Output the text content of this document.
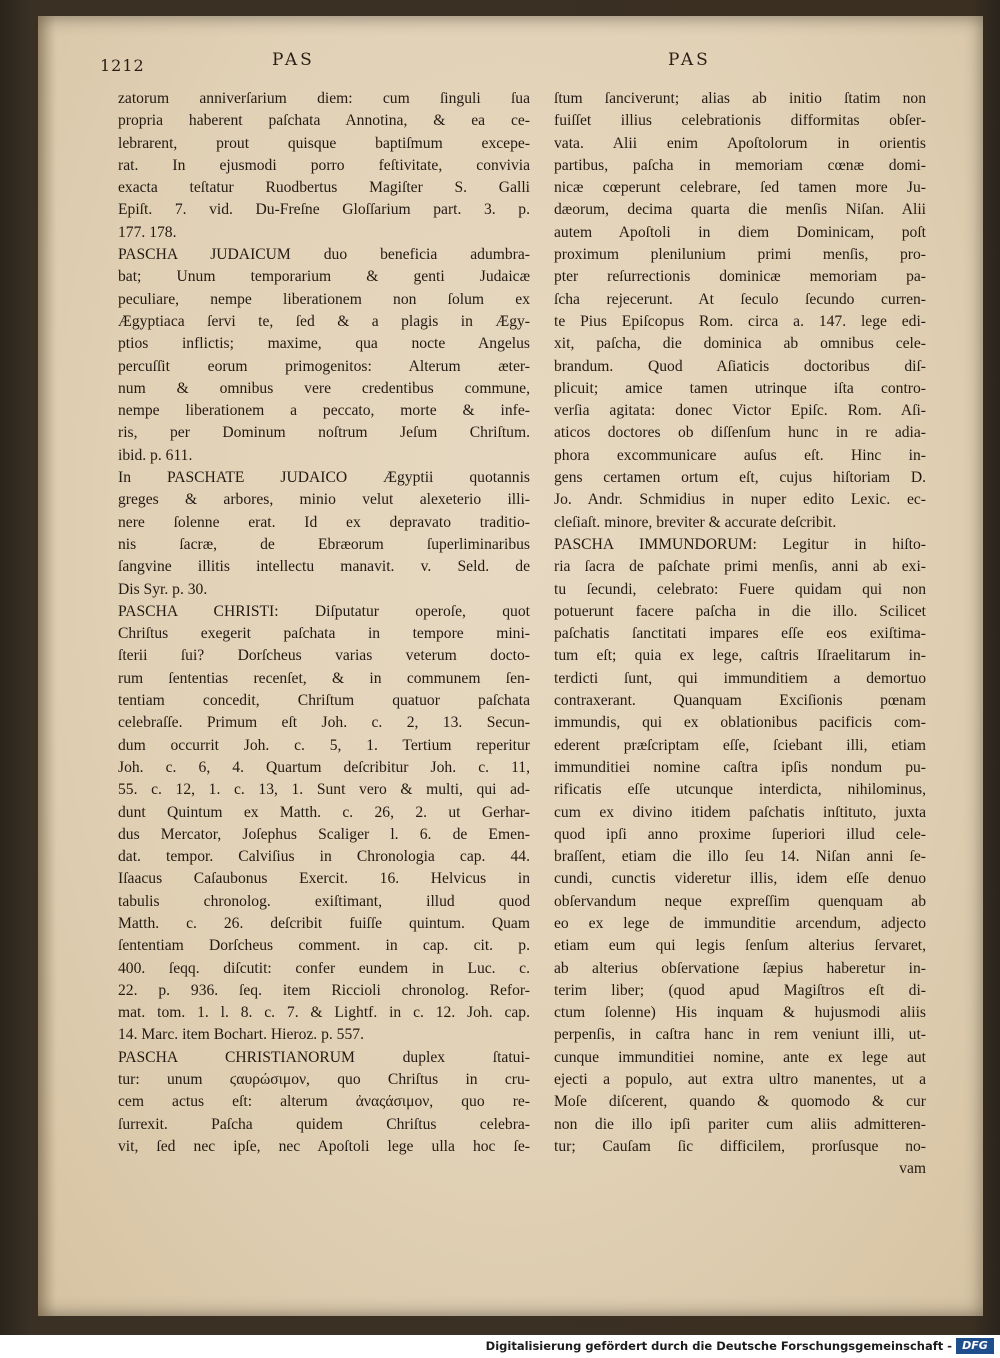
1212	PAS	PAS
zatorum anniverſarium diem: cum ſinguli ſua
propria haberent paſchata Annotina, & ea ce-
lebrarent, prout quisque baptiſmum excepe-
rat. In ejusmodi porro feſtivitate, convivia
exacta teſtatur Ruodbertus Magiſter S. Galli
Epiſt. 7. vid. Du-Freſne Gloſſarium part. 3. p.
177. 178.
PASCHA JUDAICUM duo beneficia adumbra-
bat; Unum temporarium & genti Judaicæ
peculiare, nempe liberationem non ſolum ex
Ægyptiaca ſervi te, ſed & a plagis in Ægy-
ptios inflictis; maxime, qua nocte Angelus
percuſſit eorum primogenitos: Alterum æter-
num & omnibus vere credentibus commune,
nempe liberationem a peccato, morte & infe-
ris, per Dominum noſtrum Jeſum Chriſtum.
ibid. p. 611.
In PASCHATE JUDAICO Ægyptii quotannis
greges & arbores, minio velut alexeterio illi-
nere ſolenne erat. Id ex depravato traditio-
nis ſacræ, de Ebræorum ſuperliminaribus
ſangvine illitis intellectu manavit. v. Seld. de
Dis Syr. p. 30.
PASCHA CHRISTI: Diſputatur operoſe, quot
Chriſtus exegerit paſchata in tempore mini-
ſterii ſui? Dorſcheus varias veterum docto-
rum ſententias recenſet, & in communem ſen-
tentiam concedit, Chriſtum quatuor paſchata
celebraſſe. Primum eſt Joh. c. 2, 13. Secun-
dum occurrit Joh. c. 5, 1. Tertium reperitur
Joh. c. 6, 4. Quartum deſcribitur Joh. c. 11,
55. c. 12, 1. c. 13, 1. Sunt vero & multi, qui ad-
dunt Quintum ex Matth. c. 26, 2. ut Gerhar-
dus Mercator, Joſephus Scaliger l. 6. de Emen-
dat. tempor. Calviſius in Chronologia cap. 44.
Iſaacus Caſaubonus Exercit. 16. Helvicus in
tabulis chronolog. exiſtimant, illud quod
Matth. c. 26. deſcribit fuiſſe quintum. Quam
ſententiam Dorſcheus comment. in cap. cit. p.
400. ſeqq. diſcutit: confer eundem in Luc. c.
22. p. 936. ſeq. item Riccioli chronolog. Refor-
mat. tom. 1. l. 8. c. 7. & Lightf. in c. 12. Joh. cap.
14. Marc. item Bochart. Hieroz. p. 557.
PASCHA CHRISTIANORUM duplex ſtatui-
tur: unum ϛαυρώσιμον, quo Chriſtus in cru-
cem actus eſt: alterum ἀναςάσιμον, quo re-
ſurrexit. Paſcha quidem Chriſtus celebra-
vit, ſed nec ipſe, nec Apoſtoli lege ulla hoc ſe-
ſtum ſanciverunt; alias ab initio ſtatim non
fuiſſet illius celebrationis difformitas obſer-
vata. Alii enim Apoſtolorum in orientis
partibus, paſcha in memoriam cœnæ domi-
nicæ cœperunt celebrare, ſed tamen more Ju-
dæorum, decima quarta die menſis Niſan. Alii
autem Apoſtoli in diem Dominicam, poſt
proximum plenilunium primi menſis, pro-
pter reſurrectionis dominicæ memoriam pa-
ſcha rejecerunt. At ſeculo ſecundo curren-
te Pius Epiſcopus Rom. circa a. 147. lege edi-
xit, paſcha, die dominica ab omnibus cele-
brandum. Quod Aſiaticis doctoribus diſ-
plicuit; amice tamen utrinque iſta contro-
verſia agitata: donec Victor Epiſc. Rom. Aſi-
aticos doctores ob diſſenſum hunc in re adia-
phora excommunicare auſus eſt. Hinc in-
gens certamen ortum eſt, cujus hiſtoriam D.
Jo. Andr. Schmidius in nuper edito Lexic. ec-
cleſiaſt. minore, breviter & accurate deſcribit.
PASCHA IMMUNDORUM: Legitur in hiſto-
ria ſacra de paſchate primi menſis, anni ab exi-
tu ſecundi, celebrato: Fuere quidam qui non
potuerunt facere paſcha in die illo. Scilicet
paſchatis ſanctitati impares eſſe eos exiſtima-
tum eſt; quia ex lege, caſtris Iſraelitarum in-
terdicti ſunt, qui immunditiem a demortuo
contraxerant. Quanquam Exciſionis pœnam
immundis, qui ex oblationibus pacificis com-
ederent præſcriptam eſſe, ſciebant illi, etiam
immunditiei nomine caſtra ipſis nondum pu-
rificatis eſſe utcunque interdicta, nihilominus,
cum ex divino itidem paſchatis inſtituto, juxta
quod ipſi anno proxime ſuperiori illud cele-
braſſent, etiam die illo ſeu 14. Niſan anni ſe-
cundi, cunctis videretur illis, idem eſſe denuo
obſervandum neque expreſſim quenquam ab
eo ex lege de immunditie arcendum, adjecto
etiam eum qui legis ſenſum alterius ſervaret,
ab alterius obſervatione ſæpius haberetur in-
terim liber; (quod apud Magiſtros eſt di-
ctum ſolenne) His inquam & hujusmodi aliis
perpenſis, in caſtra hanc in rem veniunt illi, ut-
cunque immunditiei nomine, ante ex lege aut
ejecti a populo, aut extra ultro manentes, ut a
Moſe diſcerent, quando & quomodo & cur
non die illo ipſi pariter cum aliis admitteren-
tur; Cauſam ſic difficilem, prorſusque no-
vam
Digitalisierung gefördert durch die Deutsche Forschungsgemeinschaft - DFG
